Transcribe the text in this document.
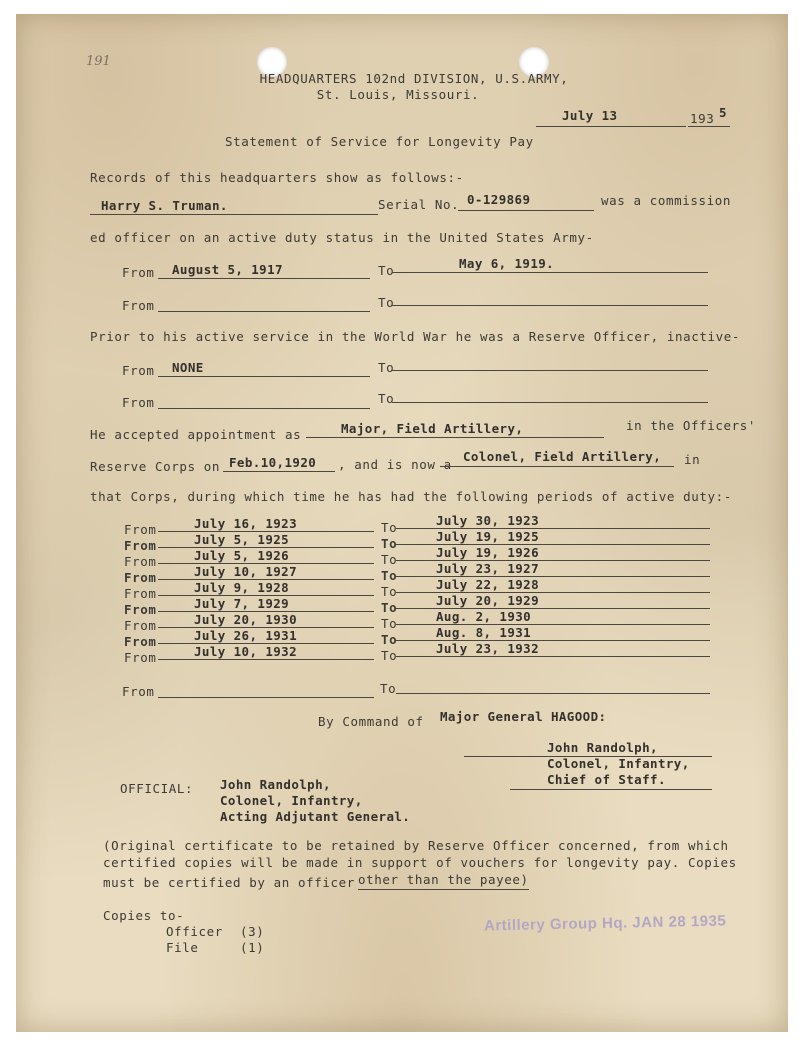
191
HEADQUARTERS 102nd DIVISION, U.S.ARMY,
St. Louis, Missouri.
July 13	193 5
Statement of Service for Longevity Pay
Records of this headquarters show as follows:-
Harry S. Truman.	Serial No. 0-129869	was a commission
ed officer on an active duty status in the United States Army-
From August 5, 1917	To	May 6, 1919.
From	To
Prior to his active service in the World War he was a Reserve Officer, inactive-
From NONE	To
From	To
He accepted appointment as	Major, Field Artillery,	in the Officers'
Reserve Corps on Feb.10,1920 , and is now a
Colonel, Field Artillery, in
that Corps, during which time he has had the following periods of active duty:-
From	July 16, 1923	To	July 30, 1923
From	July 5, 1925	To	July 19, 1925
From	July 5, 1926	To	July 19, 1926
From	July 10, 1927	To	July 23, 1927
From	July 9, 1928	To	July 22, 1928
From	July 7, 1929	To	July 20, 1929
From	July 20, 1930	To	Aug. 2, 1930
From	July 26, 1931	To	Aug. 8, 1931
From	July 10, 1932	To	July 23, 1932
From	To
By Command of Major General HAGOOD:
John Randolph,
Colonel, Infantry,
Chief of Staff.
OFFICIAL: John Randolph,
Colonel, Infantry,
Acting Adjutant General.
(Original certificate to be retained by Reserve Officer concerned, from which
certified copies will be made in support of vouchers for longevity pay. Copies
must be certified by an officer other than the payee)
Copies to-
Officer (3)
File	(1)
Artillery Group Hq. JAN 28 1935
